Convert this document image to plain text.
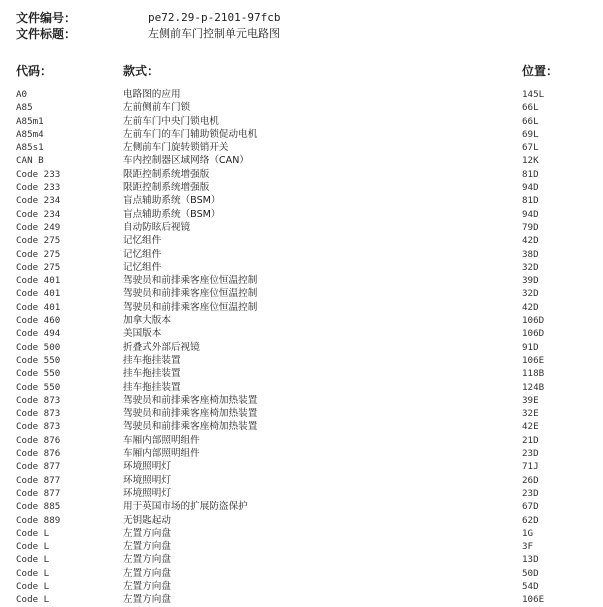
文件编号：	pe72.29-p-2101-97fcb
文件标题：	左侧前车门控制单元电路图
代码：	款式：	位置：
A0	电路图的应用	145L
A85	左前侧前车门锁	66L
A85m1	左前车门中央门锁电机	66L
A85m4	左前车门的车门辅助锁促动电机	69L
A85s1	左侧前车门旋转锁销开关	67L
CAN B	车内控制器区域网络（CAN）	12K
Code 233	限距控制系统增强版	81D
Code 233	限距控制系统增强版	94D
Code 234	盲点辅助系统（BSM）	81D
Code 234	盲点辅助系统（BSM）	94D
Code 249	自动防眩后视镜	79D
Code 275	记忆组件	42D
Code 275	记忆组件	38D
Code 275	记忆组件	32D
Code 401	驾驶员和前排乘客座位恒温控制	39D
Code 401	驾驶员和前排乘客座位恒温控制	32D
Code 401	驾驶员和前排乘客座位恒温控制	42D
Code 460	加拿大版本	106D
Code 494	美国版本	106D
Code 500	折叠式外部后视镜	91D
Code 550	挂车拖挂装置	106E
Code 550	挂车拖挂装置	118B
Code 550	挂车拖挂装置	124B
Code 873	驾驶员和前排乘客座椅加热装置	39E
Code 873	驾驶员和前排乘客座椅加热装置	32E
Code 873	驾驶员和前排乘客座椅加热装置	42E
Code 876	车厢内部照明组件	21D
Code 876	车厢内部照明组件	23D
Code 877	环境照明灯	71J
Code 877	环境照明灯	26D
Code 877	环境照明灯	23D
Code 885	用于英国市场的扩展防盗保护	67D
Code 889	无钥匙起动	62D
Code L	左置方向盘	1G
Code L	左置方向盘	3F
Code L	左置方向盘	13D
Code L	左置方向盘	50D
Code L	左置方向盘	54D
Code L	左置方向盘	106E
